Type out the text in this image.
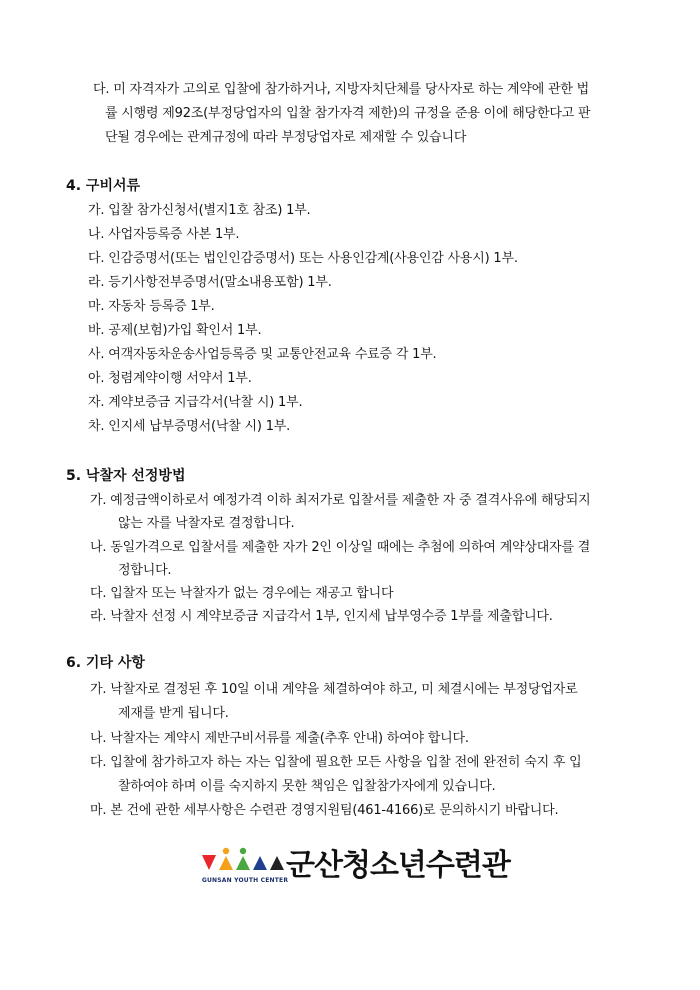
다. 미 자격자가 고의로 입찰에 참가하거나, 지방자치단체를 당사자로 하는 계약에 관한 법
률 시행령 제92조(부정당업자의 입찰 참가자격 제한)의 규정을 준용 이에 해당한다고 판
단될 경우에는 관계규정에 따라 부정당업자로 제재할 수 있습니다
4. 구비서류
가. 입찰 참가신청서(별지1호 참조) 1부.
나. 사업자등록증 사본 1부.
다. 인감증명서(또는 법인인감증명서) 또는 사용인감계(사용인감 사용시) 1부.
라. 등기사항전부증명서(말소내용포함) 1부.
마. 자동차 등록증 1부.
바. 공제(보험)가입 확인서 1부.
사. 여객자동차운송사업등록증 및 교통안전교육 수료증 각 1부.
아. 청렴계약이행 서약서 1부.
자. 계약보증금 지급각서(낙찰 시) 1부.
차. 인지세 납부증명서(낙찰 시) 1부.
5. 낙찰자 선정방법
가. 예정금액이하로서 예정가격 이하 최저가로 입찰서를 제출한 자 중 결격사유에 해당되지
않는 자를 낙찰자로 결정합니다.
나. 동일가격으로 입찰서를 제출한 자가 2인 이상일 때에는 추첨에 의하여 계약상대자를 결
정합니다.
다. 입찰자 또는 낙찰자가 없는 경우에는 재공고 합니다
라. 낙찰자 선정 시 계약보증금 지급각서 1부, 인지세 납부영수증 1부를 제출합니다.
6. 기타 사항
가. 낙찰자로 결정된 후 10일 이내 계약을 체결하여야 하고, 미 체결시에는 부정당업자로
제재를 받게 됩니다.
나. 낙찰자는 계약시 제반구비서류를 제출(추후 안내) 하여야 합니다.
다. 입찰에 참가하고자 하는 자는 입찰에 필요한 모든 사항을 입찰 전에 완전히 숙지 후 입
찰하여야 하며 이를 숙지하지 못한 책임은 입찰참가자에게 있습니다.
마. 본 건에 관한 세부사항은 수련관 경영지원팀(461-4166)로 문의하시기 바랍니다.
GUNSAN YOUTH CENTER
군산청소년수련관
